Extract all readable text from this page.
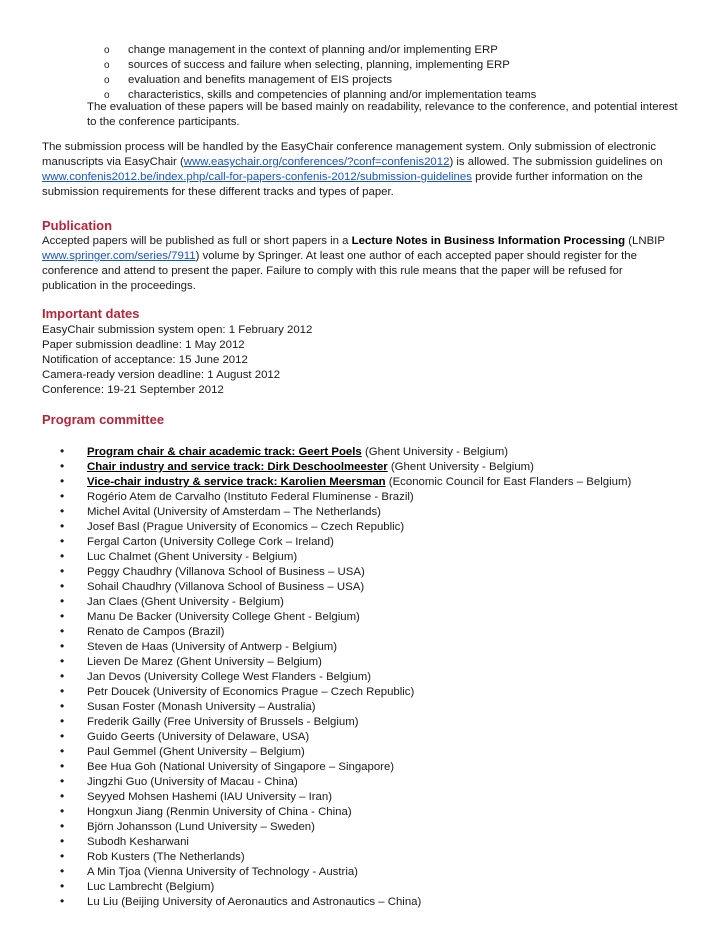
o change management in the context of planning and/or implementing ERP
o sources of success and failure when selecting, planning, implementing ERP
o evaluation and benefits management of EIS projects
o characteristics, skills and competencies of planning and/or implementation teams

The evaluation of these papers will be based mainly on readability, relevance to the conference, and potential interest
to the conference participants.

The submission process will be handled by the EasyChair conference management system. Only submission of electronic
manuscripts via EasyChair (www.easychair.org/conferences/?conf=confenis2012) is allowed. The submission guidelines on
www.confenis2012.be/index.php/call-for-papers-confenis-2012/submission-guidelines provide further information on the
submission requirements for these different tracks and types of paper.

Publication

Accepted papers will be published as full or short papers in a Lecture Notes in Business Information Processing (LNBIP
www.springer.com/series/7911) volume by Springer. At least one author of each accepted paper should register for the
conference and attend to present the paper. Failure to comply with this rule means that the paper will be refused for
publication in the proceedings.

Important dates
EasyChair submission system open: 1 February 2012
Paper submission deadline: 1 May 2012
Notification of acceptance: 15 June 2012
Camera-ready version deadline: 1 August 2012
Conference: 19-21 September 2012
Program committee
• Program chair & chair academic track: Geert Poels (Ghent University - Belgium)
• Chair industry and service track: Dirk Deschoolmeester (Ghent University - Belgium)
• Vice-chair industry & service track: Karolien Meersman (Economic Council for East Flanders – Belgium)
• Rogério Atem de Carvalho (Instituto Federal Fluminense - Brazil)
• Michel Avital (University of Amsterdam – The Netherlands)
• Josef Basl (Prague University of Economics – Czech Republic)
• Fergal Carton (University College Cork – Ireland)
• Luc Chalmet (Ghent University - Belgium)
• Peggy Chaudhry (Villanova School of Business – USA)
• Sohail Chaudhry (Villanova School of Business – USA)
• Jan Claes (Ghent University - Belgium)
• Manu De Backer (University College Ghent - Belgium)
• Renato de Campos (Brazil)
• Steven de Haas (University of Antwerp - Belgium)
• Lieven De Marez (Ghent University – Belgium)
• Jan Devos (University College West Flanders - Belgium)
• Petr Doucek (University of Economics Prague – Czech Republic)
• Susan Foster (Monash University – Australia)
• Frederik Gailly (Free University of Brussels - Belgium)
• Guido Geerts (University of Delaware, USA)
• Paul Gemmel (Ghent University – Belgium)
• Bee Hua Goh (National University of Singapore – Singapore)
• Jingzhi Guo (University of Macau - China)
• Seyyed Mohsen Hashemi (IAU University – Iran)
• Hongxun Jiang (Renmin University of China - China)
• Björn Johansson (Lund University – Sweden)
• Subodh Kesharwani
• Rob Kusters (The Netherlands)
• A Min Tjoa (Vienna University of Technology - Austria)
• Luc Lambrecht (Belgium)
• Lu Liu (Beijing University of Aeronautics and Astronautics – China)
